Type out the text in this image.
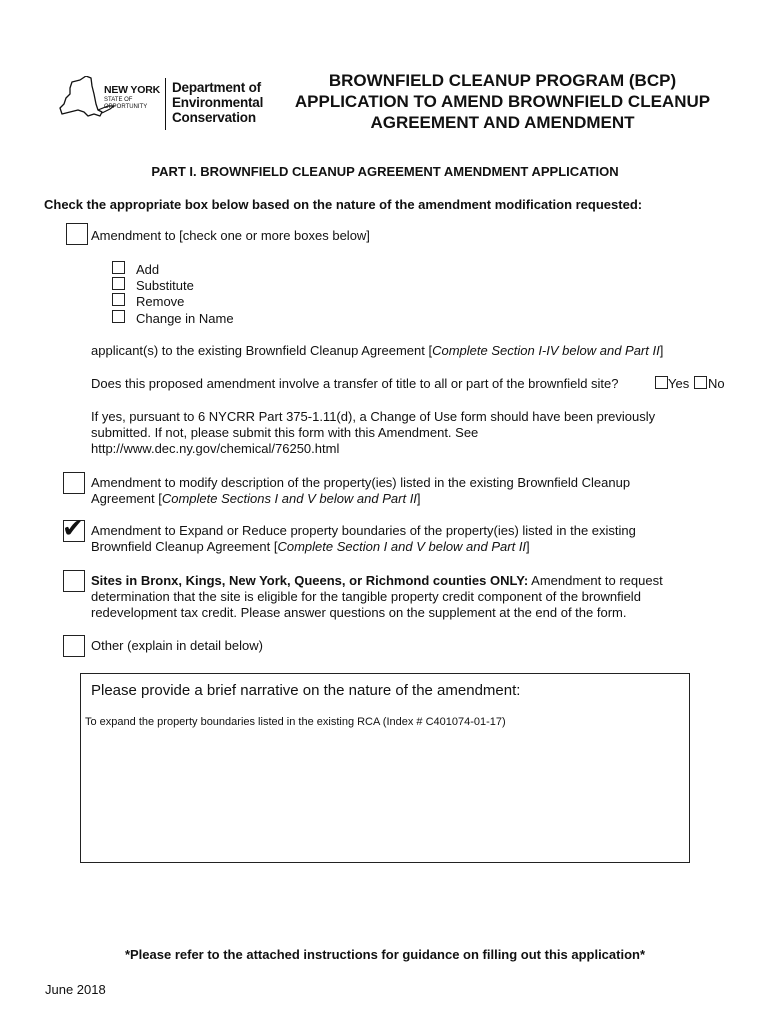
NEW YORK
STATE OF
OPPORTUNITY
Department of
Environmental
Conservation
BROWNFIELD CLEANUP PROGRAM (BCP)
APPLICATION TO AMEND BROWNFIELD CLEANUP
AGREEMENT AND AMENDMENT
PART I. BROWNFIELD CLEANUP AGREEMENT AMENDMENT APPLICATION
Check the appropriate box below based on the nature of the amendment modification requested:
Amendment to [check one or more boxes below]
Add
Substitute
Remove
Change in Name
applicant(s) to the existing Brownfield Cleanup Agreement [Complete Section I-IV below and Part II]
Does this proposed amendment involve a transfer of title to all or part of the brownfield site?	Yes No
If yes, pursuant to 6 NYCRR Part 375-1.11(d), a Change of Use form should have been previously
submitted. If not, please submit this form with this Amendment. See
http://www.dec.ny.gov/chemical/76250.html
Amendment to modify description of the property(ies) listed in the existing Brownfield Cleanup
Agreement [Complete Sections I and V below and Part II]
✔ Amendment to Expand or Reduce property boundaries of the property(ies) listed in the existing
Brownfield Cleanup Agreement [Complete Section I and V below and Part II]
Sites in Bronx, Kings, New York, Queens, or Richmond counties ONLY: Amendment to request
determination that the site is eligible for the tangible property credit component of the brownfield
redevelopment tax credit. Please answer questions on the supplement at the end of the form.
Other (explain in detail below)
Please provide a brief narrative on the nature of the amendment:
To expand the property boundaries listed in the existing RCA (Index # C401074-01-17)
*Please refer to the attached instructions for guidance on filling out this application*
June 2018
